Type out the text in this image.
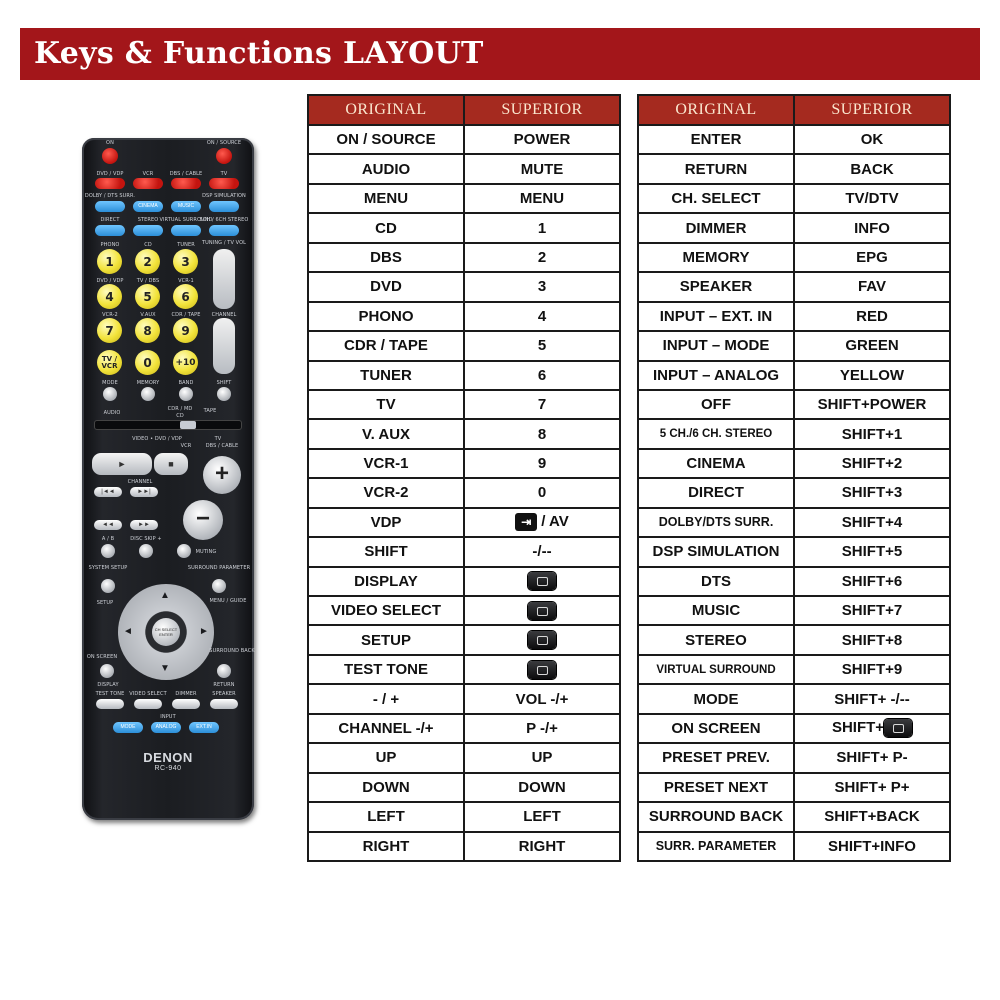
Keys & Functions LAYOUT
ON	ON / SOURCE
DVD / VDP	VCR	DBS / CABLE	TV
DOLBY / DTS SURR.	DSP SIMULATION
CINEMA	MUSIC
DIRECT	STEREO VIRTUAL SURROUND
5CH / 6CH STEREO
PHONO	CD	TUNER TUNING / TV VOL
1	2	3
DVD / VDP	TV / DBS	VCR-1
4	5	6
VCR-2	V.AUX	CDR / TAPE CHANNEL
7	8	9
TV / VCR	0	+10
MODE	MEMORY	BAND	SHIFT
AUDIO
CDR / MD
CD
TAPE
VIDEO • DVD / VDP
VCR
TV
DBS / CABLE
►	■	+
CHANNEL
|◄◄	►►|
−
◄◄	►►
A / B	DISC SKIP +
MUTING
SYSTEM SETUP	SURROUND PARAMETER
SETUP	MENU / GUIDE
CH SELECT ENTER
▲
▼
◄	►
ON SCREEN
SURROUND BACK
DISPLAY	RETURN
TEST TONE VIDEO SELECT DIMMER	SPEAKER
INPUT
MODE	ANALOG	EXT.IN
DENON
RC-940
ORIGINAL	SUPERIOR
ON / SOURCE	POWER
AUDIO	MUTE
MENU	MENU
CD	1
DBS	2
DVD	3
PHONO	4
CDR / TAPE	5
TUNER	6
TV	7
V. AUX	8
VCR-1	9
VCR-2	0
VDP	⇥ / AV
SHIFT	-/--
DISPLAY	
VIDEO SELECT	
SETUP	
TEST TONE	
- / +	VOL -/+
CHANNEL -/+	P -/+
UP	UP
DOWN	DOWN
LEFT	LEFT
RIGHT	RIGHT
ORIGINAL	SUPERIOR
ENTER	OK
RETURN	BACK
CH. SELECT	TV/DTV
DIMMER	INFO
MEMORY	EPG
SPEAKER	FAV
INPUT – EXT. IN	RED
INPUT – MODE	GREEN
INPUT – ANALOG	YELLOW
OFF	SHIFT+POWER
5 CH./6 CH. STEREO	SHIFT+1
CINEMA	SHIFT+2
DIRECT	SHIFT+3
DOLBY/DTS SURR.	SHIFT+4
DSP SIMULATION	SHIFT+5
DTS	SHIFT+6
MUSIC	SHIFT+7
STEREO	SHIFT+8
VIRTUAL SURROUND	SHIFT+9
MODE	SHIFT+ -/--
ON SCREEN	SHIFT+
PRESET PREV.	SHIFT+ P-
PRESET NEXT	SHIFT+ P+
SURROUND BACK	SHIFT+BACK
SURR. PARAMETER	SHIFT+INFO
